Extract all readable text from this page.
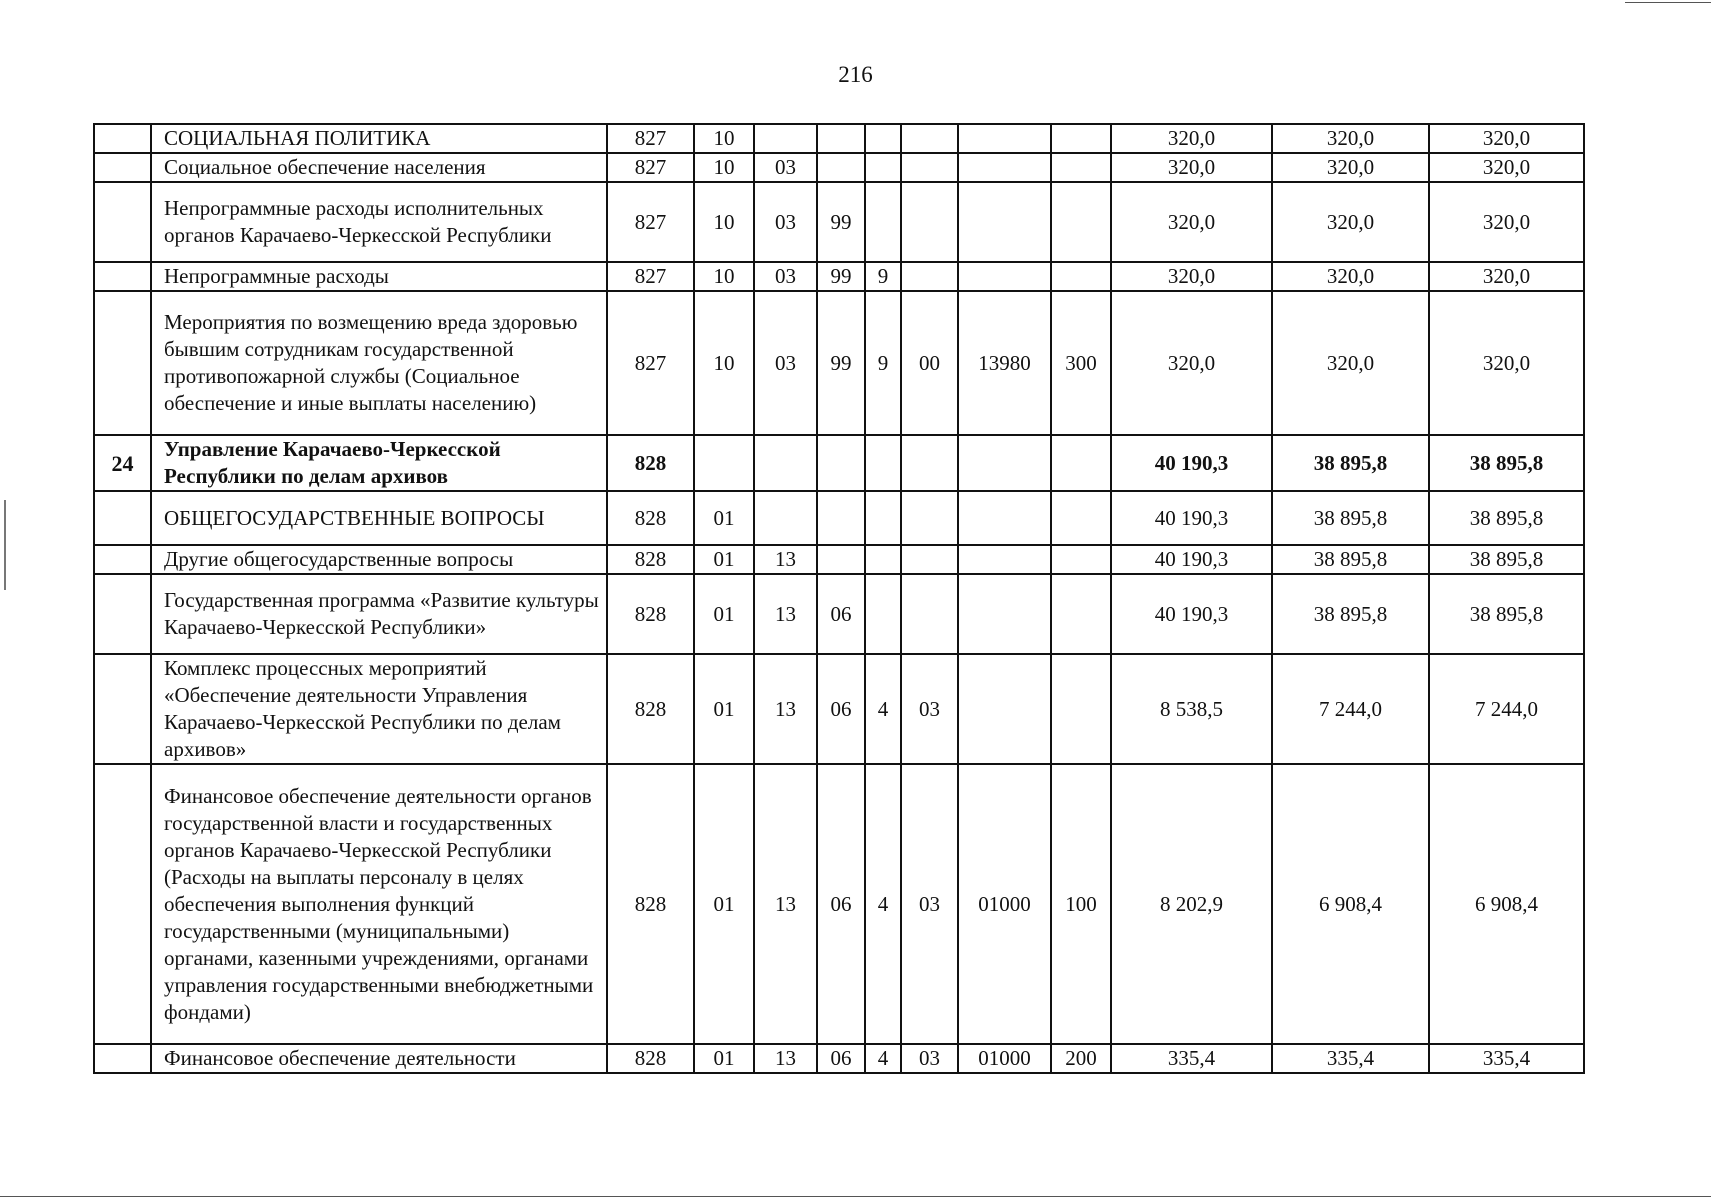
216
	СОЦИАЛЬНАЯ ПОЛИТИКА	827	10							320,0	320,0	320,0
	Социальное обеспечение населения	827	10	03						320,0	320,0	320,0
	Непрограммные расходы исполнительных органов Карачаево-Черкесской Республики	827	10	03	99					320,0	320,0	320,0
	Непрограммные расходы	827	10	03	99	9				320,0	320,0	320,0
	Мероприятия по возмещению вреда здоровью бывшим сотрудникам государственной противопожарной службы (Социальное обеспечение и иные выплаты населению)	827	10	03	99	9	00	13980	300	320,0	320,0	320,0
24	Управление Карачаево-Черкесской Республики по делам архивов	828								40 190,3	38 895,8	38 895,8
	ОБЩЕГОСУДАРСТВЕННЫЕ ВОПРОСЫ	828	01							40 190,3	38 895,8	38 895,8
	Другие общегосударственные вопросы	828	01	13						40 190,3	38 895,8	38 895,8
	Государственная программа «Развитие культуры Карачаево-Черкесской Республики»	828	01	13	06					40 190,3	38 895,8	38 895,8
	Комплекс процессных мероприятий «Обеспечение деятельности Управления Карачаево-Черкесской Республики по делам архивов»	828	01	13	06	4	03			8 538,5	7 244,0	7 244,0
	Финансовое обеспечение деятельности органов государственной власти и государственных органов Карачаево-Черкесской Республики (Расходы на выплаты персоналу в целях обеспечения выполнения функций государственными (муниципальными) органами, казенными учреждениями, органами управления государственными внебюджетными фондами)	828	01	13	06	4	03	01000	100	8 202,9	6 908,4	6 908,4
	Финансовое обеспечение деятельности	828	01	13	06	4	03	01000	200	335,4	335,4	335,4
